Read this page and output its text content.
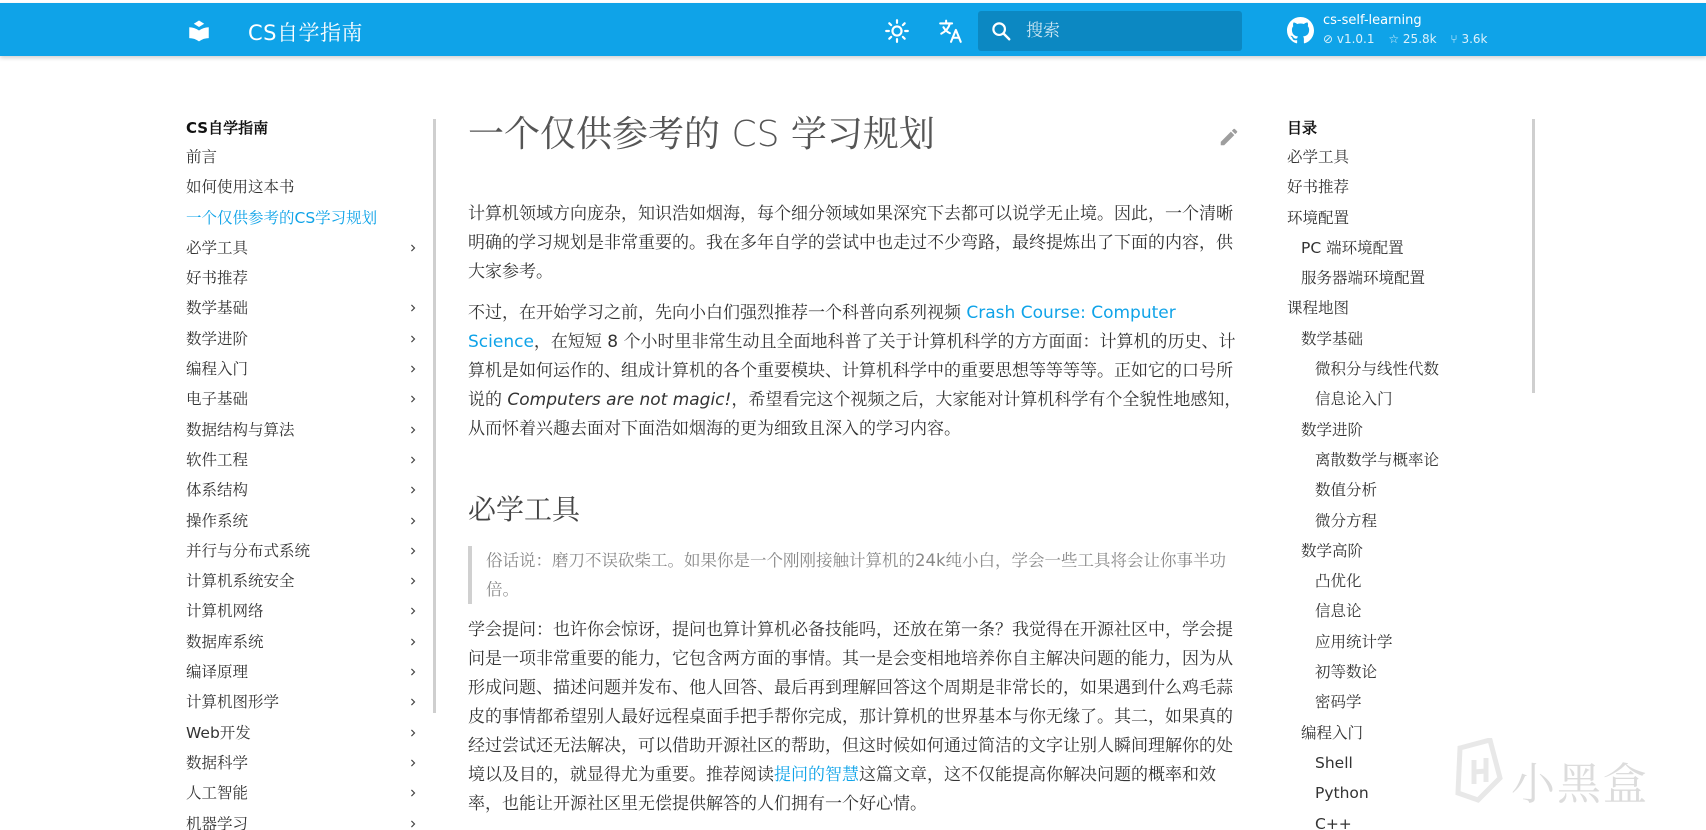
CS自学指南
搜索
cs-self-learning
⊘ v1.0.1 ☆ 25.8k ⑂ 3.6k
CS自学指南
前言
如何使用这本书
一个仅供参考的CS学习规划
必学工具
好书推荐
数学基础
数学进阶
编程入门
电子基础
数据结构与算法
软件工程
体系结构
操作系统
并行与分布式系统
计算机系统安全
计算机网络
数据库系统
编译原理
计算机图形学
Web开发
数据科学
人工智能
机器学习
一个仅供参考的 CS 学习规划

计算机领域方向庞杂，知识浩如烟海，每个细分领域如果深究下去都可以说学无止境。因此，一个清晰明确的学习规划是非常重要的。我在多年自学的尝试中也走过不少弯路，最终提炼出了下面的内容，供大家参考。

不过，在开始学习之前，先向小白们强烈推荐一个科普向系列视频 Crash Course: Computer Science，在短短 8 个小时里非常生动且全面地科普了关于计算机科学的方方面面：计算机的历史、计算机是如何运作的、组成计算机的各个重要模块、计算机科学中的重要思想等等等等。正如它的口号所说的 Computers are not magic!，希望看完这个视频之后，大家能对计算机科学有个全貌性地感知，从而怀着兴趣去面对下面浩如烟海的更为细致且深入的学习内容。

必学工具
俗话说：磨刀不误砍柴工。如果你是一个刚刚接触计算机的24k纯小白，学会一些工具将会让你事半功倍。

学会提问：也许你会惊讶，提问也算计算机必备技能吗，还放在第一条？我觉得在开源社区中，学会提问是一项非常重要的能力，它包含两方面的事情。其一是会变相地培养你自主解决问题的能力，因为从形成问题、描述问题并发布、他人回答、最后再到理解回答这个周期是非常长的，如果遇到什么鸡毛蒜皮的事情都希望别人最好远程桌面手把手帮你完成，那计算机的世界基本与你无缘了。其二，如果真的经过尝试还无法解决，可以借助开源社区的帮助，但这时候如何通过简洁的文字让别人瞬间理解你的处境以及目的，就显得尤为重要。推荐阅读提问的智慧这篇文章，这不仅能提高你解决问题的概率和效率，也能让开源社区里无偿提供解答的人们拥有一个好心情。

目录
必学工具
好书推荐
环境配置
PC 端环境配置
服务器端环境配置
课程地图
数学基础
微积分与线性代数
信息论入门
数学进阶
离散数学与概率论
数值分析
微分方程
数学高阶
凸优化
信息论
应用统计学
初等数论
密码学
编程入门
Shell
Python
C++
小黑盒
